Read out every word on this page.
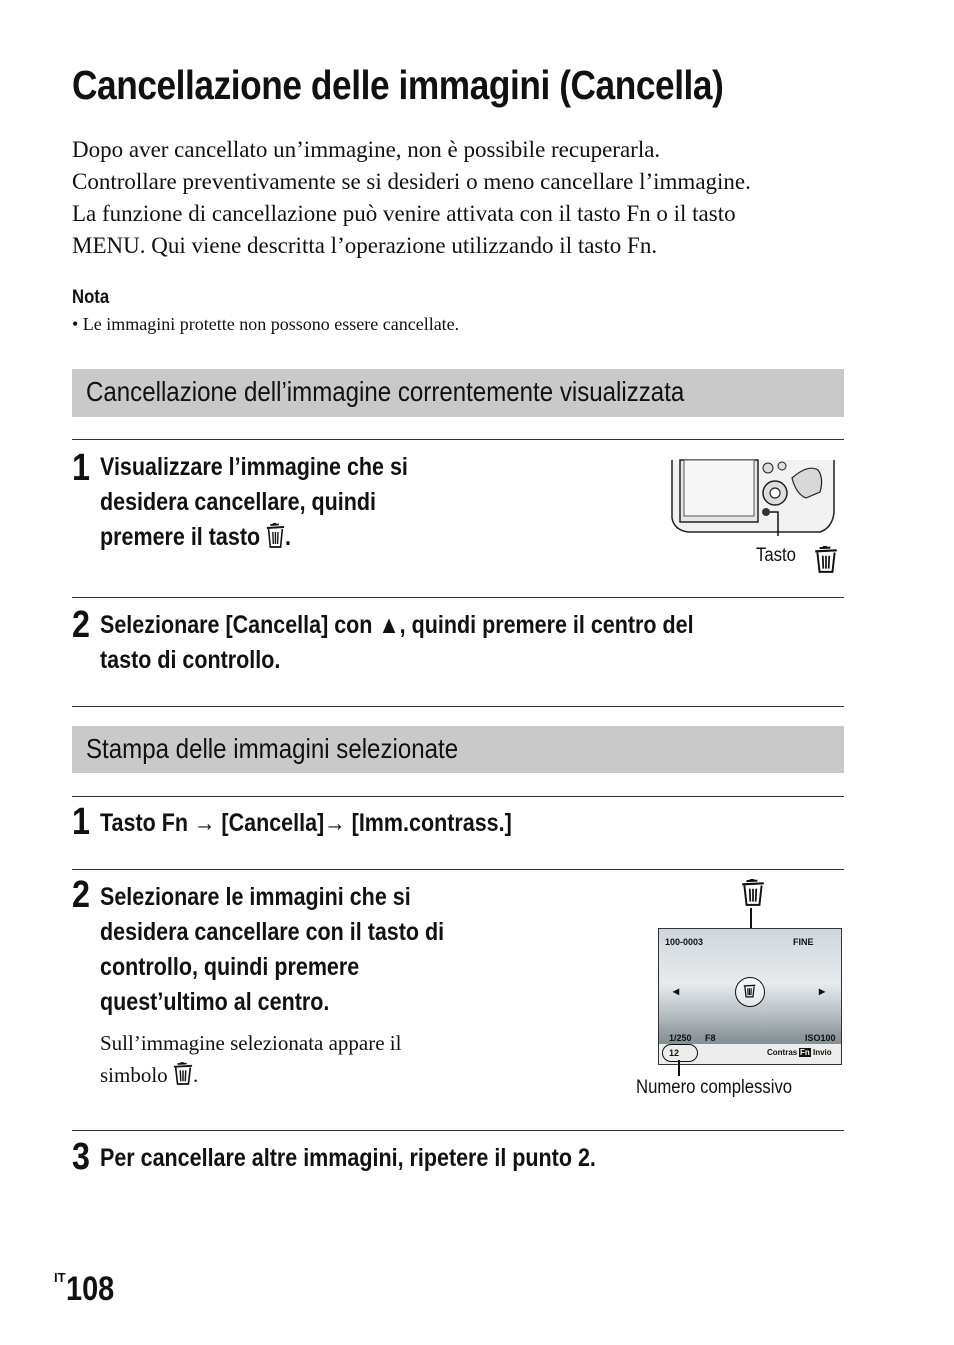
Cancellazione delle immagini (Cancella)

Dopo aver cancellato un’immagine, non è possibile recuperarla.

Controllare preventivamente se si desideri o meno cancellare l’immagine.

La funzione di cancellazione può venire attivata con il tasto Fn o il tasto

MENU. Qui viene descritta l’operazione utilizzando il tasto Fn.

Nota
• Le immagini protette non possono essere cancellate.
Cancellazione dell’immagine correntemente visualizzata
1 Visualizzare l’immagine che si
desidera cancellare, quindi
premere il tasto .
Tasto
2 Selezionare [Cancella] con ▲, quindi premere il centro del
tasto di controllo.
Stampa delle immagini selezionate
1 Tasto Fn → [Cancella]→ [Imm.contrass.]
2 Selezionare le immagini che si
desidera cancellare con il tasto di
controllo, quindi premere
quest’ultimo al centro.
Sull’immagine selezionata appare il
simbolo .
100-0003	FINE
◂	▸
1/250 F8	ISO100
12	Contras Fn Invio
Numero complessivo
3 Per cancellare altre immagini, ripetere il punto 2.
$^{IT}$108
